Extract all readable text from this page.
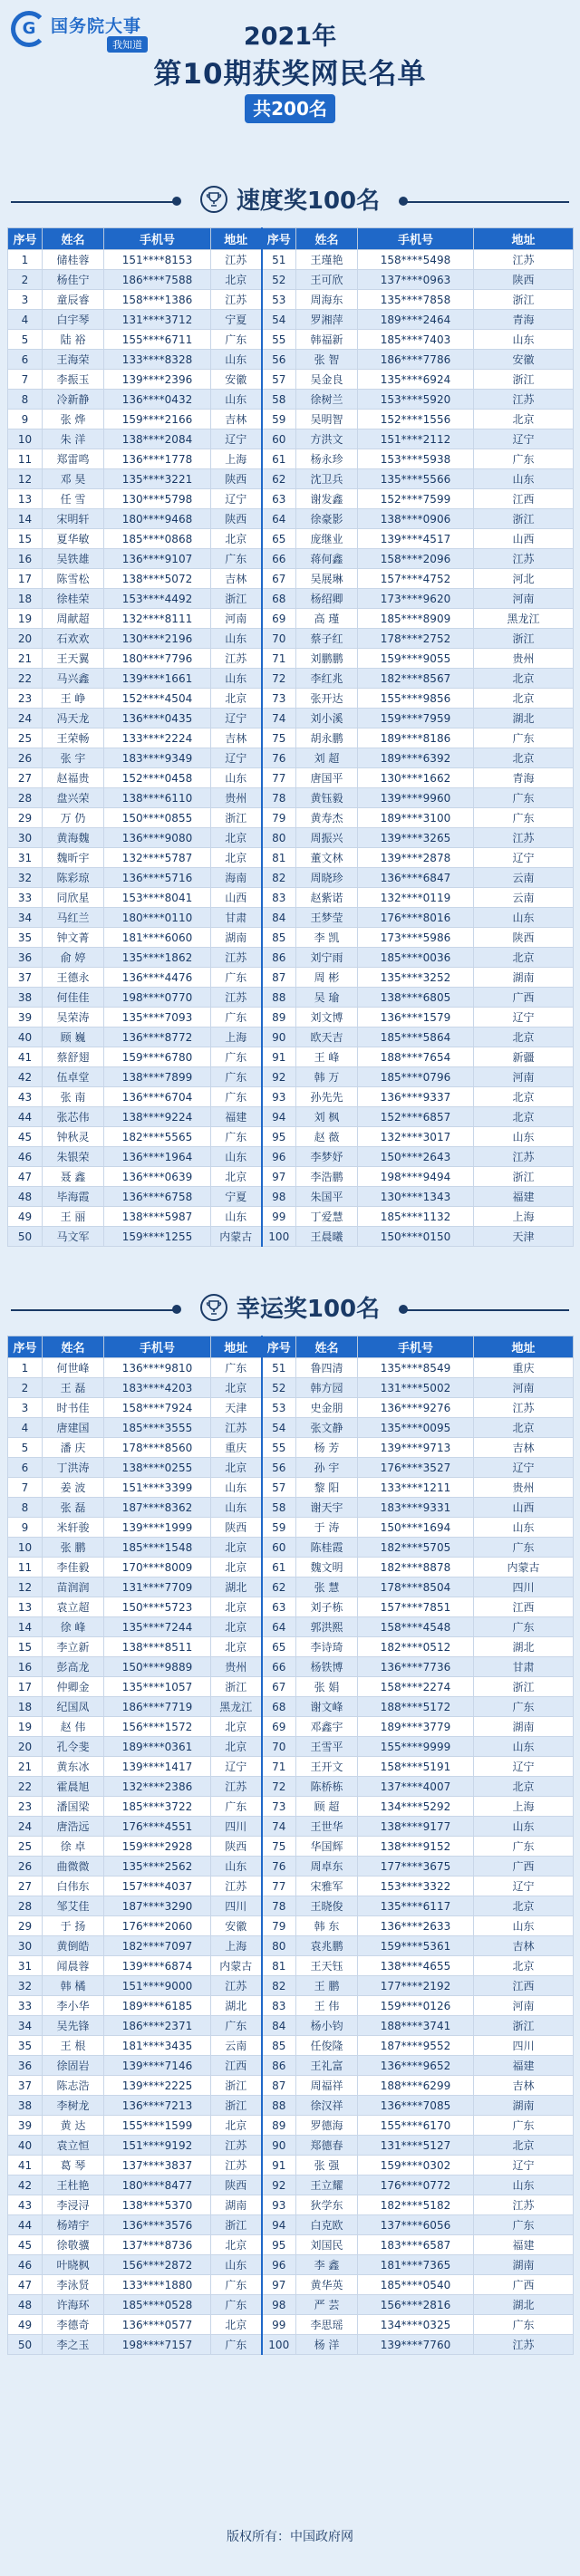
G 国务院大事
我知道	2021年
第10期获奖网民名单
共200名
速度奖100名
序号	姓名	手机号	地址	序号	姓名	手机号	地址
1	储桂蓉	151****8153	江苏	51	王瑾艳	158****5498	江苏
2	杨佳宁	186****7588	北京	52	王可欣	137****0963	陕西
3	童辰睿	158****1386	江苏	53	周海东	135****7858	浙江
4	白宇琴	131****3712	宁夏	54	罗湘萍	189****2464	青海
5	陆 裕	155****6711	广东	55	韩福新	185****7403	山东
6	王海荣	133****8328	山东	56	张 智	186****7786	安徽
7	李振玉	139****2396	安徽	57	吴金良	135****6924	浙江
8	冷新静	136****0432	山东	58	徐树兰	153****5920	江苏
9	张 烨	159****2166	吉林	59	吴明智	152****1556	北京
10	朱 洋	138****2084	辽宁	60	方洪文	151****2112	辽宁
11	郑雷鸣	136****1778	上海	61	杨永珍	153****5938	广东
12	邓 昊	135****3221	陕西	62	沈卫兵	135****5566	山东
13	任 雪	130****5798	辽宁	63	谢发鑫	152****7599	江西
14	宋明轩	180****9468	陕西	64	徐豪影	138****0906	浙江
15	夏华敏	185****0868	北京	65	庞继业	139****4517	山西
16	吴铁雄	136****9107	广东	66	蒋何鑫	158****2096	江苏
17	陈雪松	138****5072	吉林	67	吴展琳	157****4752	河北
18	徐桂荣	153****4492	浙江	68	杨绍卿	173****9620	河南
19	周献超	132****8111	河南	69	高 瑾	185****8909	黑龙江
20	石欢欢	130****2196	山东	70	蔡子红	178****2752	浙江
21	王天翼	180****7796	江苏	71	刘鹏鹏	159****9055	贵州
22	马兴鑫	139****1661	山东	72	李红兆	182****8567	北京
23	王 峥	152****4504	北京	73	张开达	155****9856	北京
24	冯天龙	136****0435	辽宁	74	刘小溪	159****7959	湖北
25	王荣畅	133****2224	吉林	75	胡永鹏	189****8186	广东
26	张 宇	183****9349	辽宁	76	刘 超	189****6392	北京
27	赵福贵	152****0458	山东	77	唐国平	130****1662	青海
28	盘兴荣	138****6110	贵州	78	黄钰毅	139****9960	广东
29	万 仍	150****0855	浙江	79	黄寿杰	189****3100	广东
30	黄海魏	136****9080	北京	80	周振兴	139****3265	江苏
31	魏昕宇	132****5787	北京	81	董文林	139****2878	辽宁
32	陈彩琼	136****5716	海南	82	周晓珍	136****6847	云南
33	同欣星	153****8041	山西	83	赵紫诺	132****0119	云南
34	马红兰	180****0110	甘肃	84	王梦莹	176****8016	山东
35	钟文菁	181****6060	湖南	85	李 凯	173****5986	陕西
36	俞 婷	135****1862	江苏	86	刘宁雨	185****0036	北京
37	王德永	136****4476	广东	87	周 彬	135****3252	湖南
38	何佳佳	198****0770	江苏	88	吴 瑜	138****6805	广西
39	吴荣涛	135****7093	广东	89	刘文博	136****1579	辽宁
40	顾 巍	136****8772	上海	90	欧天吉	185****5864	北京
41	蔡舒翅	159****6780	广东	91	王 峰	188****7654	新疆
42	伍卓堂	138****7899	广东	92	韩 万	185****0796	河南
43	张 南	136****6704	广东	93	孙先先	136****9337	北京
44	张芯伟	138****9224	福建	94	刘 枫	152****6857	北京
45	钟秋灵	182****5565	广东	95	赵 薇	132****3017	山东
46	朱银荣	136****1964	山东	96	李梦妤	150****2643	江苏
47	聂 鑫	136****0639	北京	97	李浩鹏	198****9494	浙江
48	毕海霞	136****6758	宁夏	98	朱国平	130****1343	福建
49	王 丽	138****5987	山东	99	丁爱慧	185****1132	上海
50	马文军	159****1255	内蒙古	100	王晨曦	150****0150	天津
幸运奖100名
序号	姓名	手机号	地址	序号	姓名	手机号	地址
1	何世峰	136****9810	广东	51	鲁四清	135****8549	重庆
2	王 磊	183****4203	北京	52	韩方园	131****5002	河南
3	时书佳	158****7924	天津	53	史金朋	136****9276	江苏
4	唐建国	185****3555	江苏	54	张文静	135****0095	北京
5	潘 庆	178****8560	重庆	55	杨 芳	139****9713	吉林
6	丁洪涛	138****0255	北京	56	孙 宇	176****3527	辽宁
7	姜 波	151****3399	山东	57	黎 阳	133****1211	贵州
8	张 磊	187****8362	山东	58	谢天宇	183****9331	山西
9	米轩骏	139****1999	陕西	59	于 涛	150****1694	山东
10	张 鹏	185****1548	北京	60	陈桂霞	182****5705	广东
11	李佳毅	170****8009	北京	61	魏文明	182****8878	内蒙古
12	苗润润	131****7709	湖北	62	张 慧	178****8504	四川
13	袁立超	150****5723	北京	63	刘子栋	157****7851	江西
14	徐 峰	135****7244	北京	64	郭洪熙	158****4548	广东
15	李立新	138****8511	北京	65	李诗琦	182****0512	湖北
16	彭高龙	150****9889	贵州	66	杨铁博	136****7736	甘肃
17	仲卿金	135****1057	浙江	67	张 娟	158****2274	浙江
18	纪国凤	186****7719	黑龙江	68	谢文峰	188****5172	广东
19	赵 伟	156****1572	北京	69	邓鑫宇	189****3779	湖南
20	孔令斐	189****0361	北京	70	王雪平	155****9999	山东
21	黄东冰	139****1417	辽宁	71	王开文	158****5191	辽宁
22	霍晨旭	132****2386	江苏	72	陈桥栋	137****4007	北京
23	潘国梁	185****3722	广东	73	顾 超	134****5292	上海
24	唐浩远	176****4551	四川	74	王世华	138****9177	山东
25	徐 卓	159****2928	陕西	75	华国辉	138****9152	广东
26	曲微微	135****2562	山东	76	周卓东	177****3675	广西
27	白伟东	157****4037	江苏	77	宋雅军	153****3322	辽宁
28	邹艾佳	187****3290	四川	78	王晓俊	135****6117	北京
29	于 扬	176****2060	安徽	79	韩 东	136****2633	山东
30	黄倒皓	182****7097	上海	80	袁兆鹏	159****5361	吉林
31	闻晨蓉	139****6874	内蒙古	81	王天钰	138****4655	北京
32	韩 橘	151****9000	江苏	82	王 鹏	177****2192	江西
33	李小华	189****6185	湖北	83	王 伟	159****0126	河南
34	吴先锋	186****2371	广东	84	杨小钧	188****3741	浙江
35	王 根	181****3435	云南	85	任俊隆	187****9552	四川
36	徐固岩	139****7146	江西	86	王礼富	136****9652	福建
37	陈志浩	139****2225	浙江	87	周福祥	188****6299	吉林
38	李树龙	136****7213	浙江	88	徐汉祥	136****7085	湖南
39	黄 达	155****1599	北京	89	罗德海	155****6170	广东
40	袁立恒	151****9192	江苏	90	郑德春	131****5127	北京
41	葛 琴	137****3837	江苏	91	张 强	159****0302	辽宁
42	王杜艳	180****8477	陕西	92	王立耀	176****0772	山东
43	李浸浔	138****5370	湖南	93	狄学东	182****5182	江苏
44	杨靖宇	136****3576	浙江	94	白克欧	137****6056	广东
45	徐敬骥	137****8736	北京	95	刘国民	183****6587	福建
46	叶晓枫	156****2872	山东	96	李 鑫	181****7365	湖南
47	李泳贤	133****1880	广东	97	黄华英	185****0540	广西
48	许海环	185****0528	广东	98	严 芸	156****2816	湖北
49	李德奇	136****0577	北京	99	李思瑶	134****0325	广东
50	李之玉	198****7157	广东	100	杨 洋	139****7760	江苏
版权所有：中国政府网
